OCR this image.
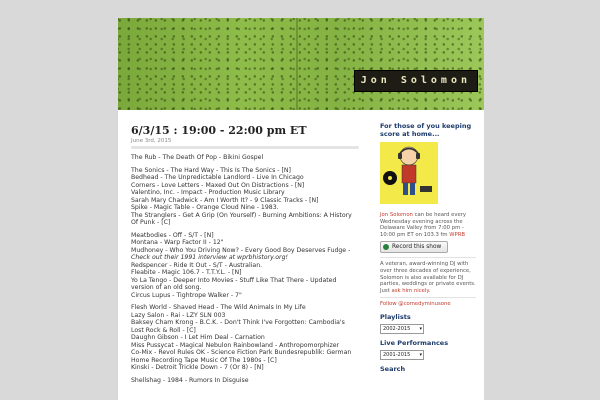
Jon Solomon
6/3/15 : 19:00 - 22:00 pm ET
June 3rd, 2015
The Rub - The Death Of Pop - Bikini Gospel
The Sonics - The Hard Way - This Is The Sonics - [N]
Bedhead - The Unpredictable Landlord - Live In Chicago
Corners - Love Letters - Maxed Out On Distractions - [N]
Valentino, Inc. - Impact - Production Music Library
Sarah Mary Chadwick - Am I Worth It? - 9 Classic Tracks - [N]
Spike - Magic Table - Orange Cloud Nine - 1983.
The Stranglers - Get A Grip (On Yourself) - Burning Ambitions: A History Of Punk - [C]
Meatbodies - Off - S/T - [N]
Montana - Warp Factor II - 12"
Mudhoney - Who You Driving Now? - Every Good Boy Deserves Fudge -
Check out their 1991 interview at wprbhistory.org!
Redspencer - Ride It Out - S/T - Australian.
Fleabite - Magic 106.7 - T.T.Y.L. - [N]
Yo La Tengo - Deeper Into Movies - Stuff Like That There - Updated version of an old song.
Circus Lupus - Tightrope Walker - 7"
Flesh World - Shaved Head - The Wild Animals In My Life
Lazy Salon - Rai - LZY SLN 003
Baksey Cham Krong - B.C.K. - Don't Think I've Forgotten: Cambodia's Lost Rock & Roll - [C]
Daughn Gibson - I Let Him Deal - Carnation
Miss Pussycat - Magical Nebulon Rainbowland - Anthropomorphizer
Co-Mix - Revol Rules OK - Science Fiction Park Bundesrepublik: German Home Recording Tape Music Of The 1980s - [C]
Kinski - Detroit Trickle Down - 7 (Or 8) - [N]
Shellshag - 1984 - Rumors In Disguise
For those of you keeping score at home...
Jon Solomon can be heard every Wednesday evening across the Delaware Valley from 7:00 pm - 10:00 pm ET on 103.3 fm WPRB
Record this show
A veteran, award-winning DJ with over three decades of experience, Solomon is also available for DJ parties, weddings or private events. Just ask him nicely.
Follow @comedyminusone
Playlists
2002-2015 ▾
Live Performances
2001-2015 ▾
Search
